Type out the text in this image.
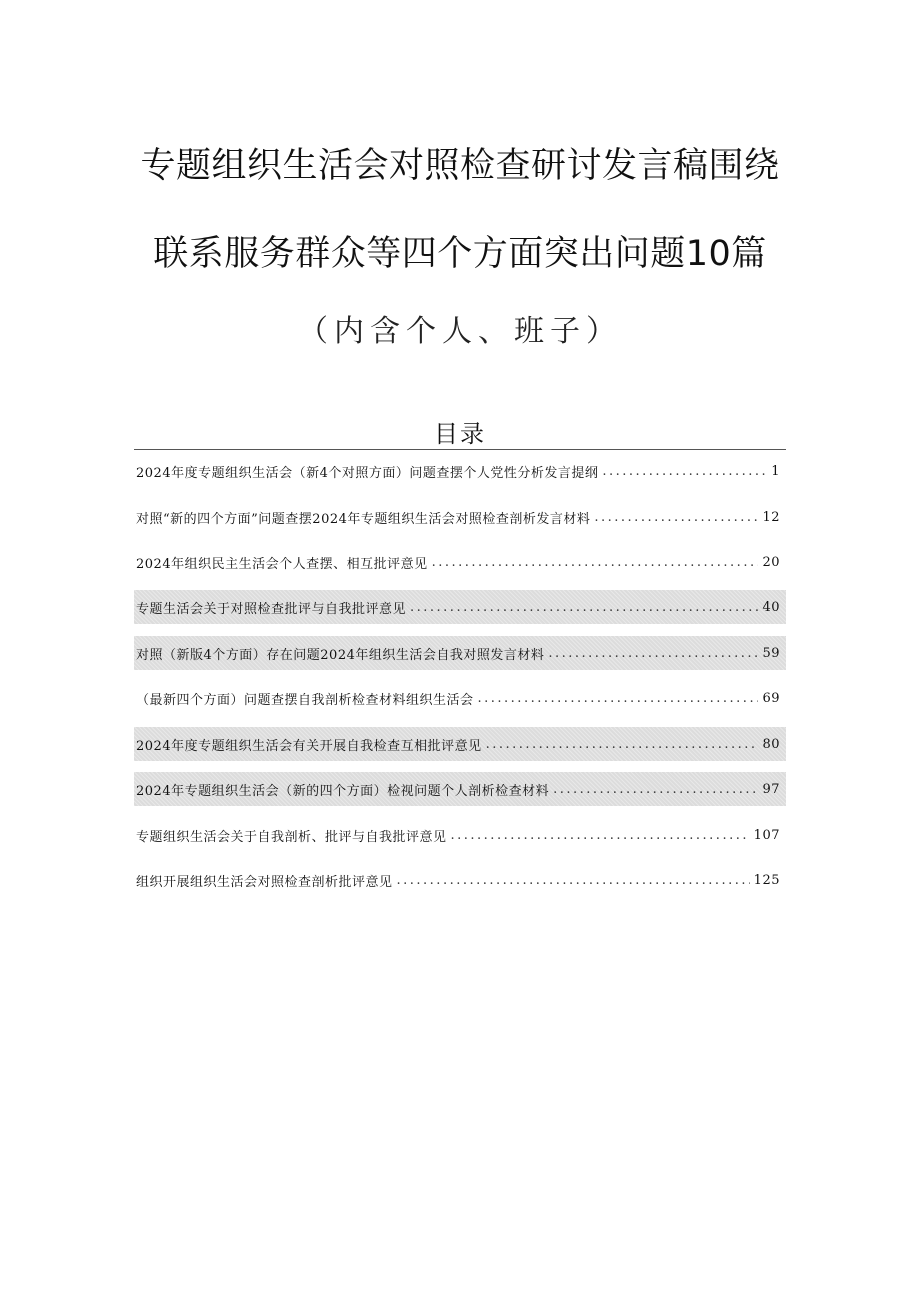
专题组织生活会对照检查研讨发言稿围绕
联系服务群众等四个方面突出问题10篇
（内含个人、班子）
目录
2024年度专题组织生活会（新4个对照方面）问题查摆个人党性分析发言提纲 .....	1
对照“新的四个方面”问题查摆2024年专题组织生活会对照检查剖析发言材料 .....	12
2024年组织民主生活会个人查摆、相互批评意见 .....	20
专题生活会关于对照检查批评与自我批评意见 .....	40
对照（新版4个方面）存在问题2024年组织生活会自我对照发言材料 .....	59
（最新四个方面）问题查摆自我剖析检查材料组织生活会 .....	69
2024年度专题组织生活会有关开展自我检查互相批评意见 .....	80
2024年专题组织生活会（新的四个方面）检视问题个人剖析检查材料 .....	97
专题组织生活会关于自我剖析、批评与自我批评意见 .....	107
组织开展组织生活会对照检查剖析批评意见 .....	125
